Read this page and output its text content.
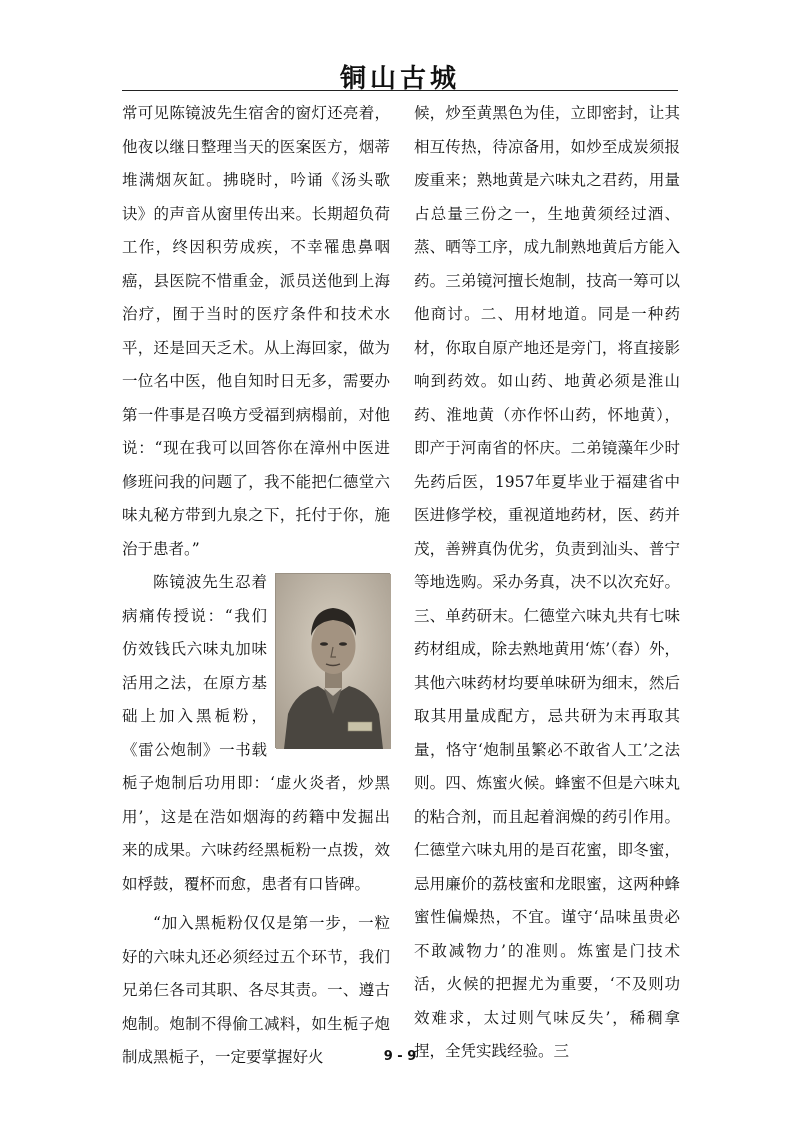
铜山古城

常可见陈镜波先生宿舍的窗灯还亮着，他夜以继日整理当天的医案医方，烟蒂堆满烟灰缸。拂晓时，吟诵《汤头歌诀》的声音从窗里传出来。长期超负荷工作，终因积劳成疾，不幸罹患鼻咽癌，县医院不惜重金，派员送他到上海治疗，囿于当时的医疗条件和技术水平，还是回天乏术。从上海回家，做为一位名中医，他自知时日无多，需要办第一件事是召唤方受福到病榻前，对他说：“现在我可以回答你在漳州中医进修班问我的问题了，我不能把仁德堂六味丸秘方带到九泉之下，托付于你，施治于患者。”

陈镜波先生忍着病痛传授说：“我们仿效钱氏六味丸加味活用之法，在原方基础上加入黑栀粉，《雷公炮制》一书载栀子炮制后功用即：‘虚火炎者，炒黑用’，这是在浩如烟海的药籍中发掘出来的成果。六味药经黑栀粉一点拨，效如桴鼓，覆杯而愈，患者有口皆碑。

“加入黑栀粉仅仅是第一步，一粒好的六味丸还必须经过五个环节，我们兄弟仨各司其职、各尽其责。一、遵古炮制。炮制不得偷工减料，如生栀子炮制成黑栀子，一定要掌握好火

候，炒至黄黑色为佳，立即密封，让其相互传热，待凉备用，如炒至成炭须报废重来；熟地黄是六味丸之君药，用量占总量三份之一，生地黄须经过酒、蒸、晒等工序，成九制熟地黄后方能入药。三弟镜河擅长炮制，技高一筹可以他商讨。二、用材地道。同是一种药材，你取自原产地还是旁门，将直接影响到药效。如山药、地黄必须是淮山药、淮地黄（亦作怀山药，怀地黄），即产于河南省的怀庆。二弟镜藻年少时先药后医，1957年夏毕业于福建省中医进修学校，重视道地药材，医、药并茂，善辨真伪优劣，负责到汕头、普宁等地选购。采办务真，决不以次充好。三、单药研末。仁德堂六味丸共有七味药材组成，除去熟地黄用‘炼’（舂）外，其他六味药材均要单味研为细末，然后取其用量成配方，忌共研为末再取其量，恪守‘炮制虽繁必不敢省人工’之法则。四、炼蜜火候。蜂蜜不但是六味丸的粘合剂，而且起着润燥的药引作用。仁德堂六味丸用的是百花蜜，即冬蜜，忌用廉价的荔枝蜜和龙眼蜜，这两种蜂蜜性偏燥热，不宜。谨守‘品味虽贵必不敢减物力’的准则。炼蜜是门技术活，火候的把握尤为重要，‘不及则功效难求，太过则气味反失’，稀稠拿捏，全凭实践经验。三

9 - 9
